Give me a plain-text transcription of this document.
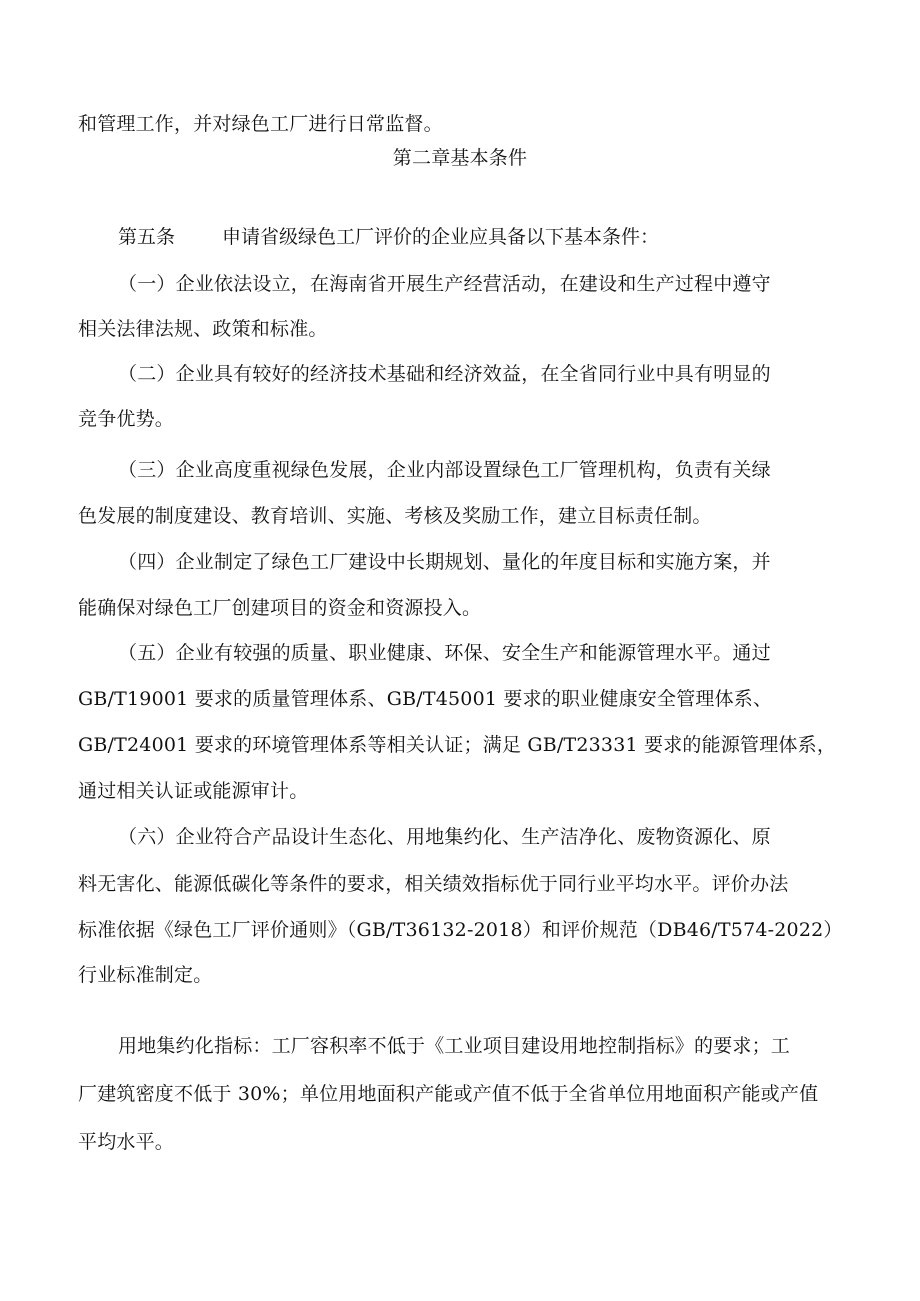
和管理工作，并对绿色工厂进行日常监督。
第二章基本条件
第五条 申请省级绿色工厂评价的企业应具备以下基本条件：
（一）企业依法设立，在海南省开展生产经营活动，在建设和生产过程中遵守
相关法律法规、政策和标准。
（二）企业具有较好的经济技术基础和经济效益，在全省同行业中具有明显的
竞争优势。
（三）企业高度重视绿色发展，企业内部设置绿色工厂管理机构，负责有关绿
色发展的制度建设、教育培训、实施、考核及奖励工作，建立目标责任制。
（四）企业制定了绿色工厂建设中长期规划、量化的年度目标和实施方案，并
能确保对绿色工厂创建项目的资金和资源投入。
（五）企业有较强的质量、职业健康、环保、安全生产和能源管理水平。通过
GB/T19001 要求的质量管理体系、GB/T45001 要求的职业健康安全管理体系、
GB/T24001 要求的环境管理体系等相关认证；满足 GB/T23331 要求的能源管理体系，
通过相关认证或能源审计。
（六）企业符合产品设计生态化、用地集约化、生产洁净化、废物资源化、原
料无害化、能源低碳化等条件的要求，相关绩效指标优于同行业平均水平。评价办法
标准依据《绿色工厂评价通则》（GB/T36132-2018）和评价规范（DB46/T574-2022）
行业标准制定。
用地集约化指标：工厂容积率不低于《工业项目建设用地控制指标》的要求；工
厂建筑密度不低于 30%；单位用地面积产能或产值不低于全省单位用地面积产能或产值
平均水平。
